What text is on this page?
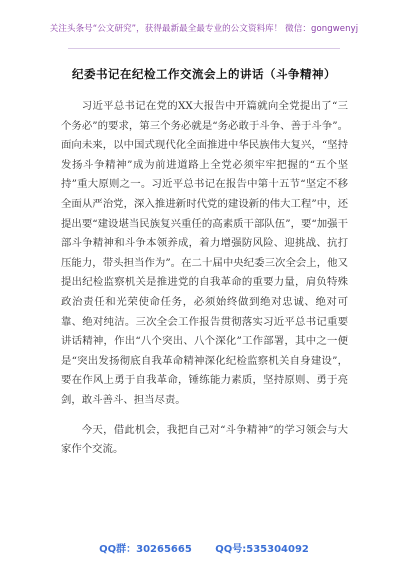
关注头条号“公文研究”，获得最新最全最专业的公文资料库！ 微信：gongwenyj
纪委书记在纪检工作交流会上的讲话（斗争精神）

习近平总书记在党的XX大报告中开篇就向全党提出了“三个务必”的要求，第三个务必就是“务必敢于斗争、善于斗争”。面向未来，以中国式现代化全面推进中华民族伟大复兴，“坚持发扬斗争精神”成为前进道路上全党必须牢牢把握的“五个坚持”重大原则之一。习近平总书记在报告中第十五节“坚定不移全面从严治党，深入推进新时代党的建设新的伟大工程”中，还提出要“建设堪当民族复兴重任的高素质干部队伍”，要“加强干部斗争精神和斗争本领养成，着力增强防风险、迎挑战、抗打压能力，带头担当作为”。在二十届中央纪委三次全会上，他又提出纪检监察机关是推进党的自我革命的重要力量，肩负特殊政治责任和光荣使命任务，必须始终做到绝对忠诚、绝对可靠、绝对纯洁。三次全会工作报告贯彻落实习近平总书记重要讲话精神，作出“八个突出、八个深化”工作部署，其中之一便是“突出发扬彻底自我革命精神深化纪检监察机关自身建设”，要在作风上勇于自我革命，锤练能力素质，坚持原则、勇于亮剑，敢斗善斗、担当尽责。

今天，借此机会，我把自己对“斗争精神”的学习领会与大家作个交流。

QQ群：30265665 QQ号:535304092
